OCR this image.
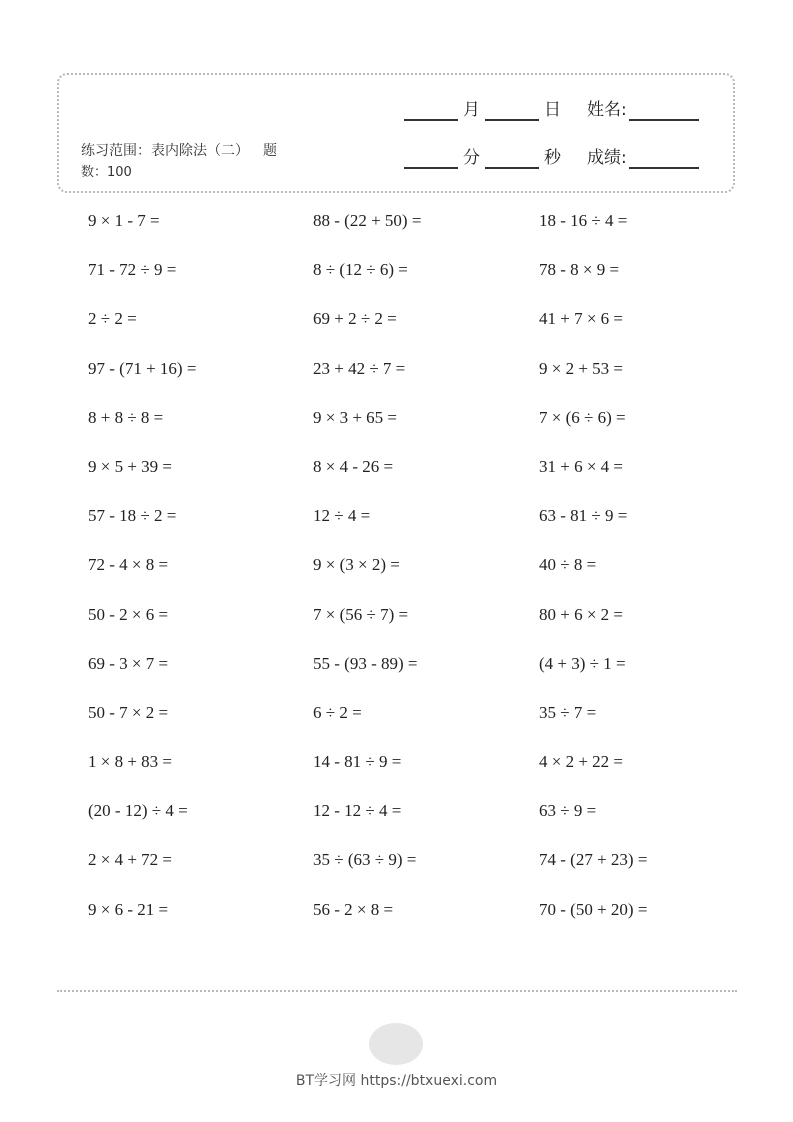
练习范围：表内除法（二） 题
数：100
月	日 姓名:
分	秒 成绩:
9 × 1 - 7 =	88 - (22 + 50) =	18 - 16 ÷ 4 =
71 - 72 ÷ 9 =	8 ÷ (12 ÷ 6) =	78 - 8 × 9 =
2 ÷ 2 =	69 + 2 ÷ 2 =	41 + 7 × 6 =
97 - (71 + 16) =	23 + 42 ÷ 7 =	9 × 2 + 53 =
8 + 8 ÷ 8 =	9 × 3 + 65 =	7 × (6 ÷ 6) =
9 × 5 + 39 =	8 × 4 - 26 =	31 + 6 × 4 =
57 - 18 ÷ 2 =	12 ÷ 4 =	63 - 81 ÷ 9 =
72 - 4 × 8 =	9 × (3 × 2) =	40 ÷ 8 =
50 - 2 × 6 =	7 × (56 ÷ 7) =	80 + 6 × 2 =
69 - 3 × 7 =	55 - (93 - 89) =	(4 + 3) ÷ 1 =
50 - 7 × 2 =	6 ÷ 2 =	35 ÷ 7 =
1 × 8 + 83 =	14 - 81 ÷ 9 =	4 × 2 + 22 =
(20 - 12) ÷ 4 =	12 - 12 ÷ 4 =	63 ÷ 9 =
2 × 4 + 72 =	35 ÷ (63 ÷ 9) =	74 - (27 + 23) =
9 × 6 - 21 =	56 - 2 × 8 =	70 - (50 + 20) =
BT学习网 https://btxuexi.com
